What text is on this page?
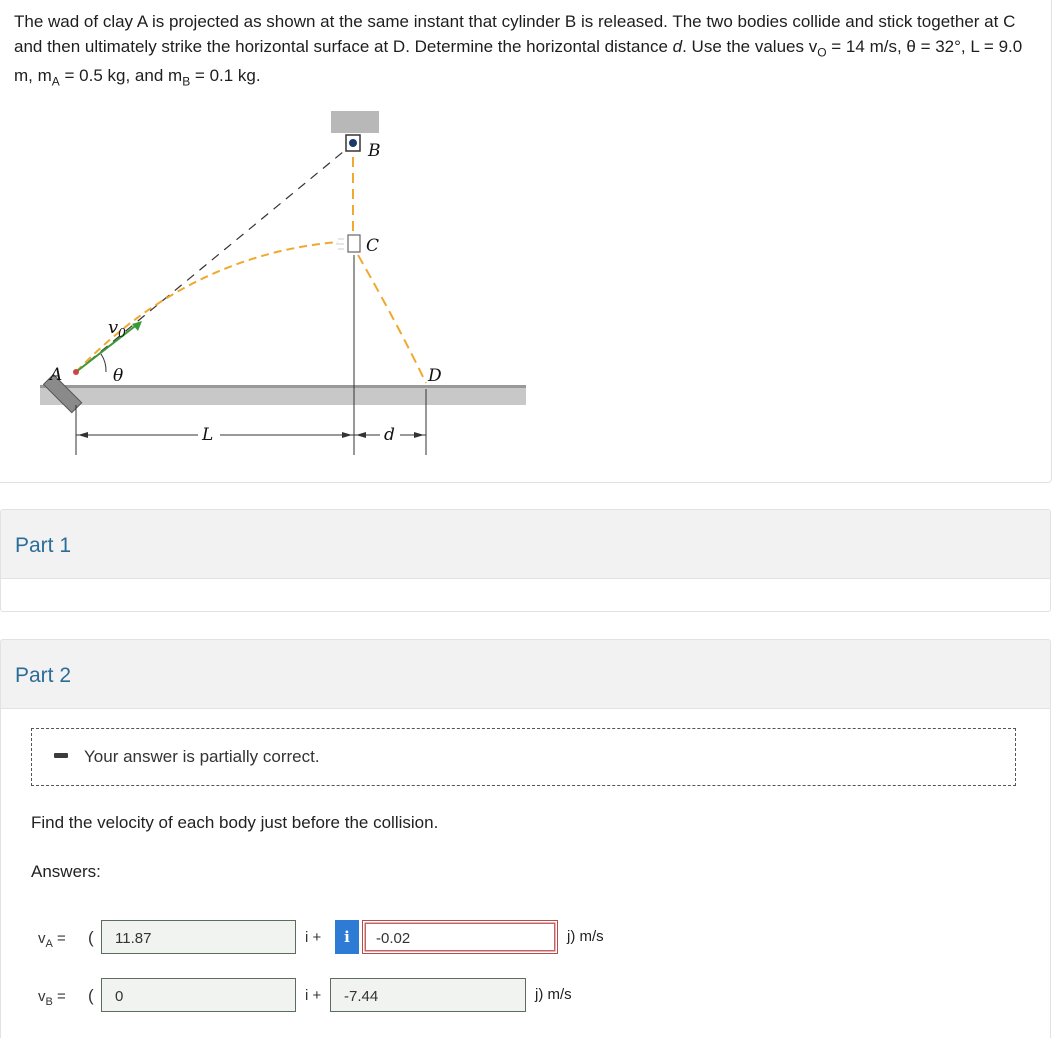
The wad of clay A is projected as shown at the same instant that cylinder B is released. The two bodies collide and stick together at C and then ultimately strike the horizontal surface at D. Determine the horizontal distance d. Use the values $v_O = 14$ m/s, θ = 32°, L = 9.0 m, $m_A = 0.5$ kg, and $m_B = 0.1$ kg.
A
B
C
D
$v_0$
θ
L	d
Part 1
Part 2
Your answer is partially correct.
Find the velocity of each body just before the collision.
Answers:
$v_A$ = (	11.87	i +	i	-0.02	j) m/s
$v_B$ = (	0	i +	-7.44	j) m/s
